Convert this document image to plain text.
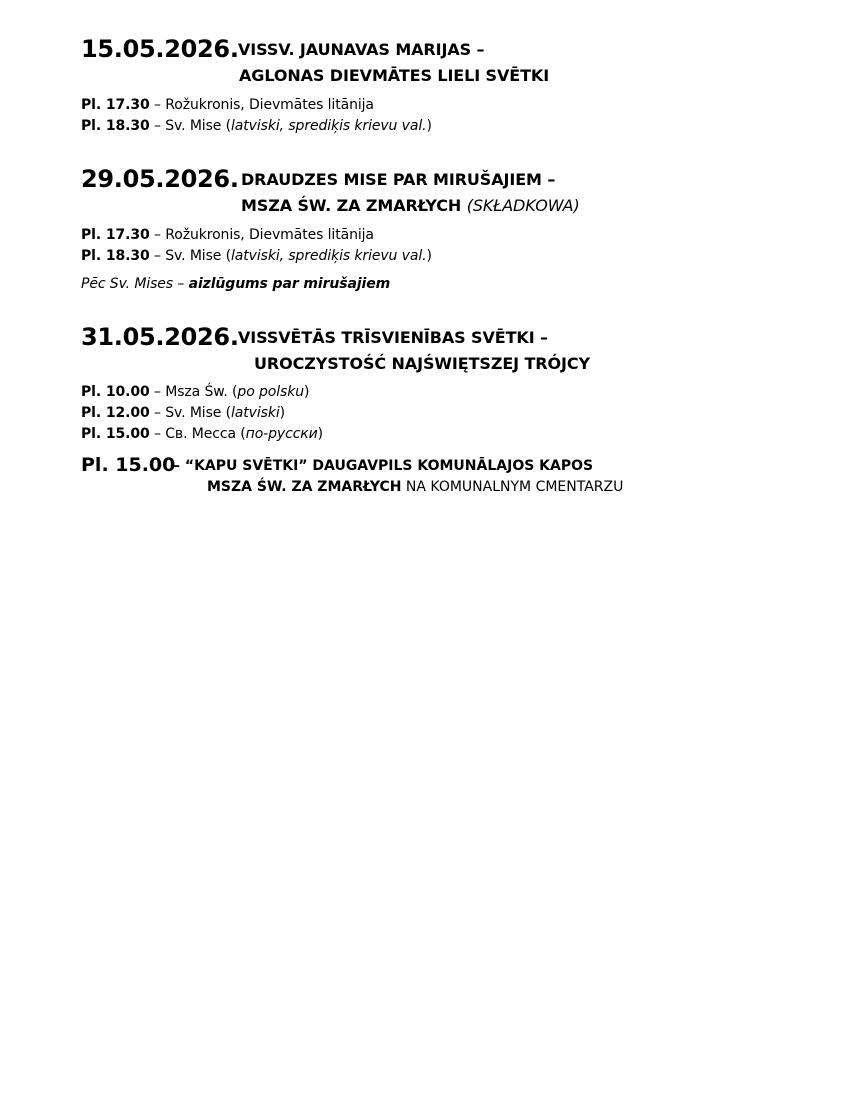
15.05.2026. VISSV. JAUNAVAS MARIJAS –
AGLONAS DIEVMĀTES LIELI SVĒTKI
Pl. 17.30 – Rožukronis, Dievmātes litānija
Pl. 18.30 – Sv. Mise (latviski, sprediķis krievu val.)
29.05.2026. DRAUDZES MISE PAR MIRUŠAJIEM –
MSZA ŚW. ZA ZMARŁYCH (SKŁADKOWA)
Pl. 17.30 – Rožukronis, Dievmātes litānija
Pl. 18.30 – Sv. Mise (latviski, sprediķis krievu val.)
Pēc Sv. Mises – aizlūgums par mirušajiem
31.05.2026. VISSVĒTĀS TRĪSVIENĪBAS SVĒTKI –
UROCZYSTOŚĆ NAJŚWIĘTSZEJ TRÓJCY
Pl. 10.00 – Msza Św. (po polsku)
Pl. 12.00 – Sv. Mise (latviski)
Pl. 15.00 – Св. Месса (по-русски)
Pl. 15.00
– “KAPU SVĒTKI” DAUGAVPILS KOMUNĀLAJOS KAPOS
MSZA ŚW. ZA ZMARŁYCH NA KOMUNALNYM CMENTARZU
